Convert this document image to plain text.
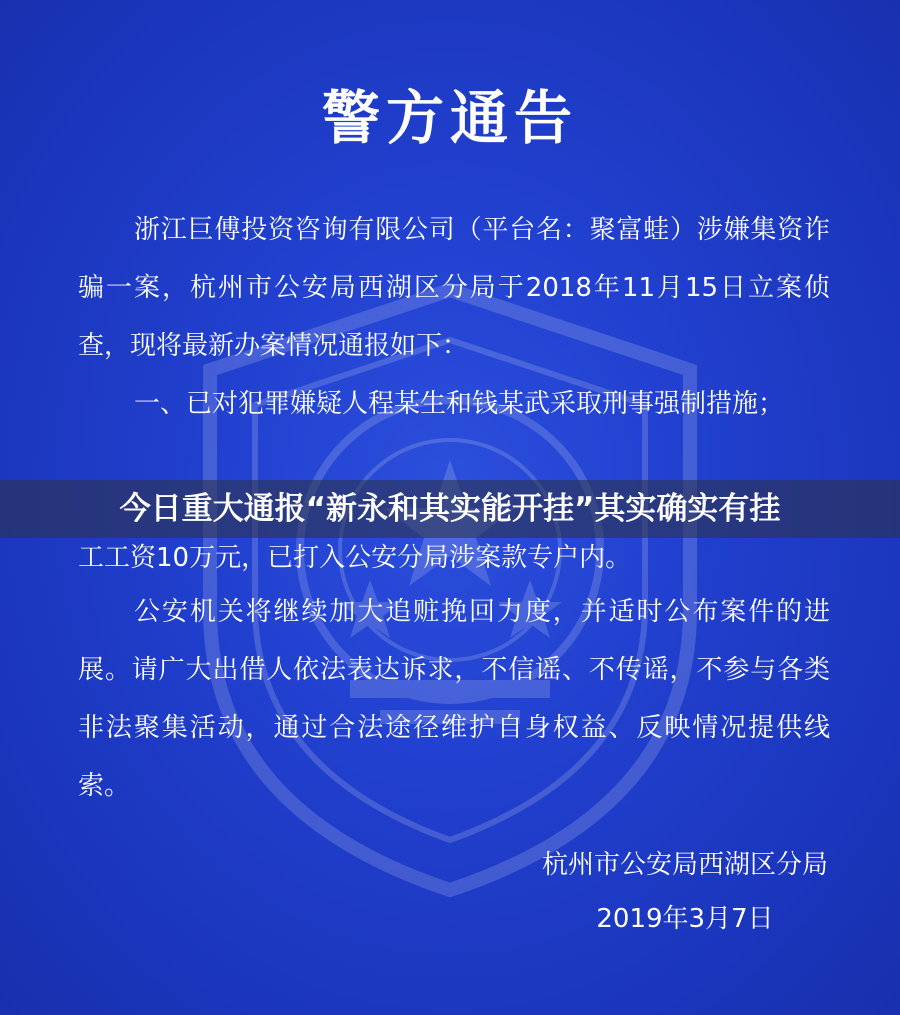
警方通告

浙江巨傅投资咨询有限公司（平台名：聚富蛙）涉嫌集资诈骗一案，杭州市公安局西湖区分局于2018年11月15日立案侦查，现将最新办案情况通报如下：

一、已对犯罪嫌疑人程某生和钱某武采取刑事强制措施；

工工资10万元，已打入公安分局涉案款专户内。

公安机关将继续加大追赃挽回力度，并适时公布案件的进展。请广大出借人依法表达诉求，不信谣、不传谣，不参与各类非法聚集活动，通过合法途径维护自身权益、反映情况提供线索。

杭州市公安局西湖区分局
2019年3月7日
今日重大通报“新永和其实能开挂”其实确实有挂
